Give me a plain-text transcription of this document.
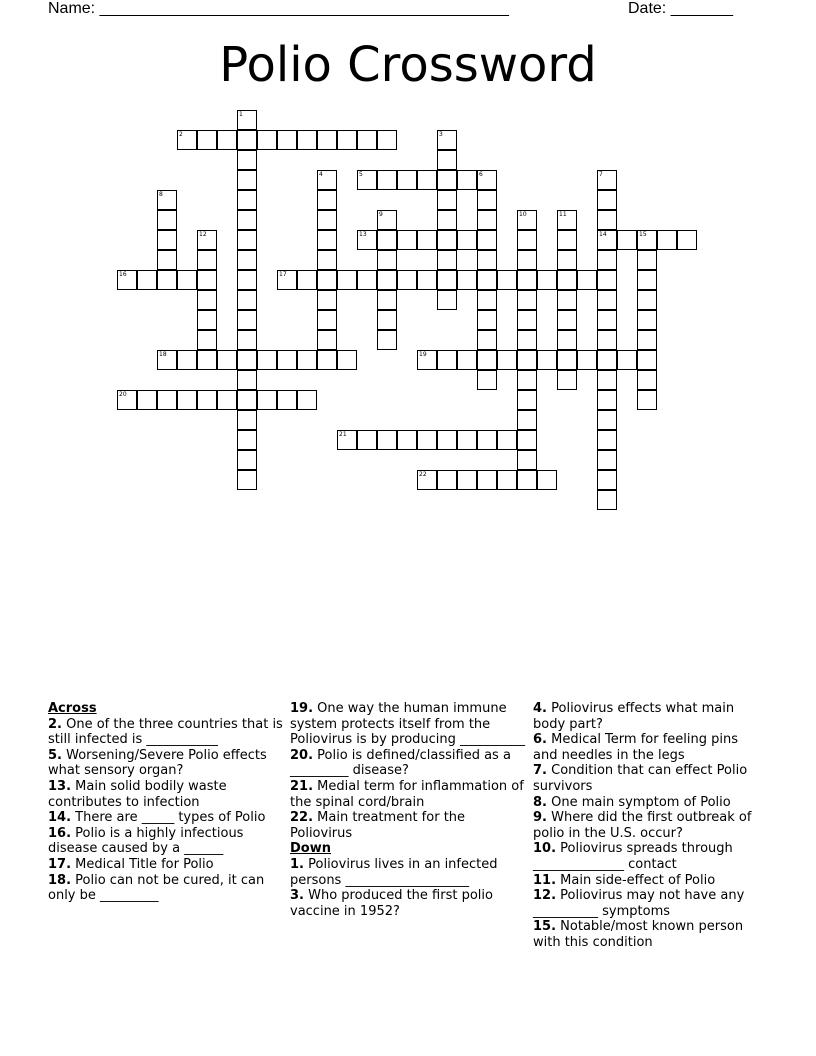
Name: ______________________________________________	Date: _______
Polio Crossword
1
2	3
4	5	6	7
14
8
9	10	11
12	13	15
16	17
18	19
20
21
22
Across
2. One of the three countries that is still infected is ___________
5. Worsening/Severe Polio effects what sensory organ?
13. Main solid bodily waste contributes to infection
14. There are _____ types of Polio
16. Polio is a highly infectious disease caused by a ______
17. Medical Title for Polio
18. Polio can not be cured, it can only be _________
19. One way the human immune system protects itself from the Poliovirus is by producing __________
20. Polio is defined/classified as a _________ disease?
21. Medial term for inflammation of the spinal cord/brain
22. Main treatment for the Poliovirus
Down
1. Poliovirus lives in an infected persons ___________________
3. Who produced the first polio vaccine in 1952?
4. Poliovirus effects what main body part?
6. Medical Term for feeling pins and needles in the legs
7. Condition that can effect Polio survivors
8. One main symptom of Polio
9. Where did the first outbreak of polio in the U.S. occur?
10. Poliovirus spreads through ______________ contact
11. Main side-effect of Polio
12. Poliovirus may not have any __________ symptoms
15. Notable/most known person with this condition
